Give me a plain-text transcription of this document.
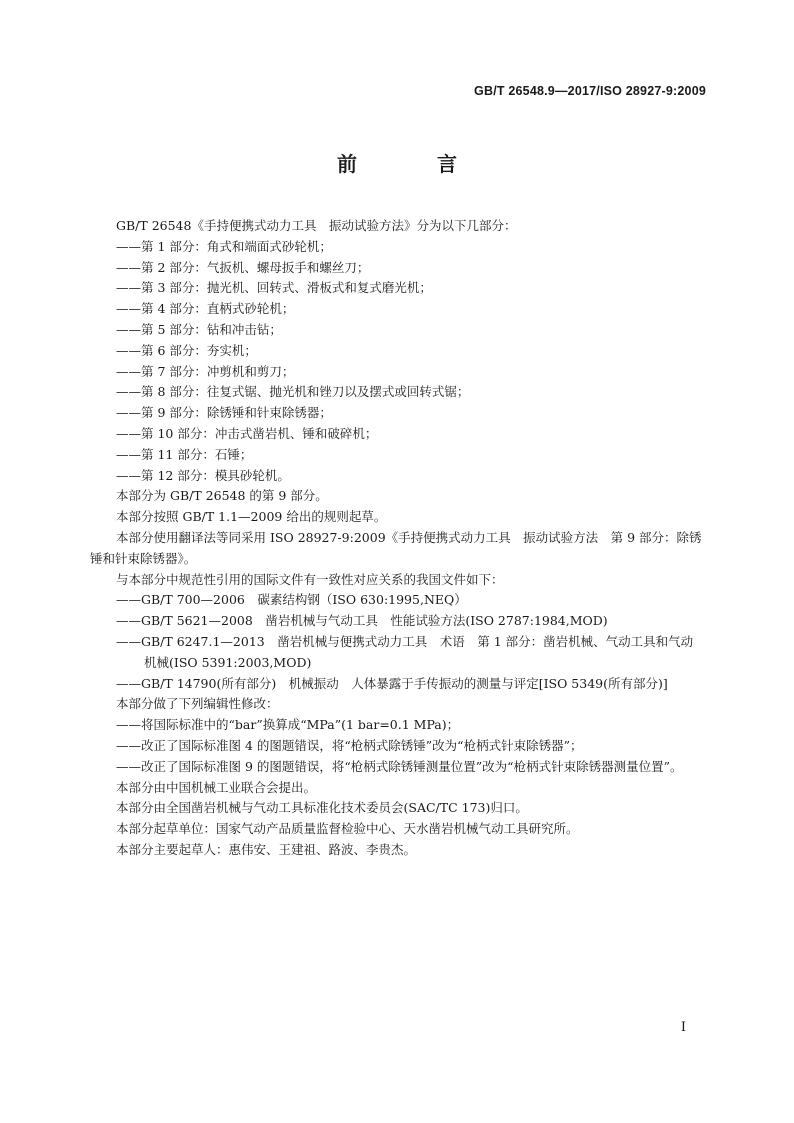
GB/T 26548.9—2017/ISO 28927-9:2009
前　言
GB/T 26548《手持便携式动力工具　振动试验方法》分为以下几部分：
——第 1 部分：角式和端面式砂轮机；
——第 2 部分：气扳机、螺母扳手和螺丝刀；
——第 3 部分：抛光机、回转式、滑板式和复式磨光机；
——第 4 部分：直柄式砂轮机；
——第 5 部分：钻和冲击钻；
——第 6 部分：夯实机；
——第 7 部分：冲剪机和剪刀；
——第 8 部分：往复式锯、抛光机和锉刀以及摆式或回转式锯；
——第 9 部分：除锈锤和针束除锈器；
——第 10 部分：冲击式凿岩机、锤和破碎机；
——第 11 部分：石锤；
——第 12 部分：模具砂轮机。
本部分为 GB/T 26548 的第 9 部分。
本部分按照 GB/T 1.1—2009 给出的规则起草。
本部分使用翻译法等同采用 ISO 28927-9:2009《手持便携式动力工具　振动试验方法　第 9 部分：除锈锤和针束除锈器》。
与本部分中规范性引用的国际文件有一致性对应关系的我国文件如下：
——GB/T 700—2006　碳素结构钢（ISO 630:1995,NEQ）
——GB/T 5621—2008　凿岩机械与气动工具　性能试验方法(ISO 2787:1984,MOD)
——GB/T 6247.1—2013　凿岩机械与便携式动力工具　术语　第 1 部分：凿岩机械、气动工具和气动机械(ISO 5391:2003,MOD)
——GB/T 14790(所有部分)　机械振动　人体暴露于手传振动的测量与评定[ISO 5349(所有部分)]
本部分做了下列编辑性修改：
——将国际标准中的“bar”换算成“MPa”(1 bar=0.1 MPa)；
——改正了国际标准图 4 的图题错误，将“枪柄式除锈锤”改为“枪柄式针束除锈器”；
——改正了国际标准图 9 的图题错误，将“枪柄式除锈锤测量位置”改为“枪柄式针束除锈器测量位置”。
本部分由中国机械工业联合会提出。
本部分由全国凿岩机械与气动工具标准化技术委员会(SAC/TC 173)归口。
本部分起草单位：国家气动产品质量监督检验中心、天水凿岩机械气动工具研究所。
本部分主要起草人：惠伟安、王建祖、路波、李贵杰。
I
